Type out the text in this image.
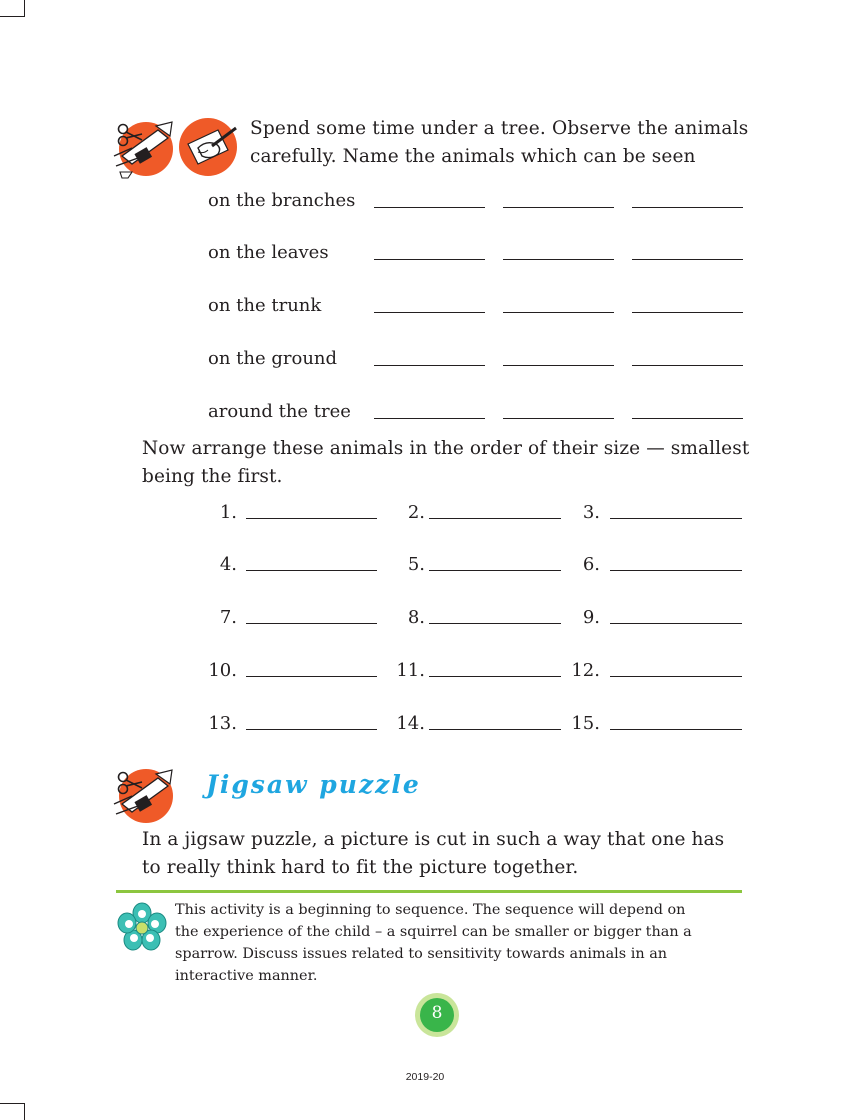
Spend some time under a tree. Observe the animals
carefully. Name the animals which can be seen
on the branches
on the leaves
on the trunk
on the ground
around the tree
Now arrange these animals in the order of their size — smallest
being the first.
1.	2.	3.
4.	5.	6.
7.	8.	9.
10.	11.	12.
13.	14.	15.
Jigsaw puzzle
In a jigsaw puzzle, a picture is cut in such a way that one has
to really think hard to fit the picture together.
This activity is a beginning to sequence. The sequence will depend on
the experience of the child – a squirrel can be smaller or bigger than a
sparrow. Discuss issues related to sensitivity towards animals in an
interactive manner.
8
2019-20
